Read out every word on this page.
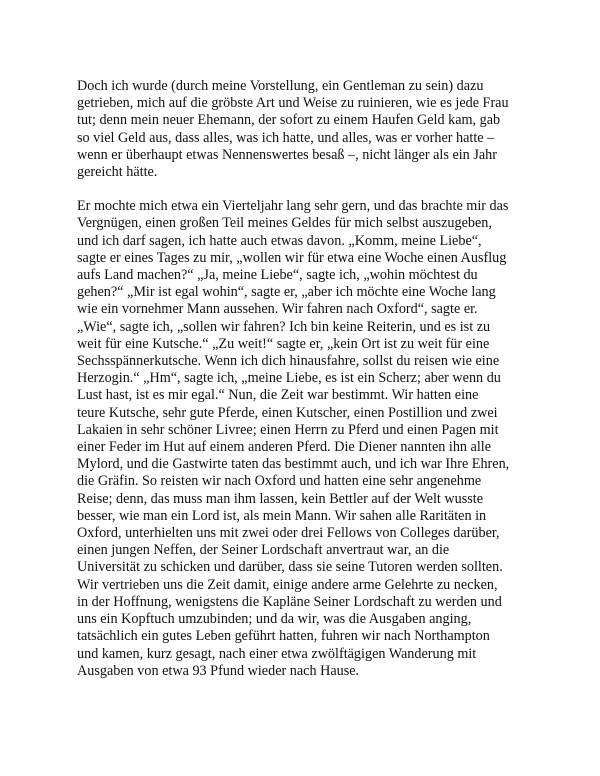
Doch ich wurde (durch meine Vorstellung, ein Gentleman zu sein) dazu
getrieben, mich auf die gröbste Art und Weise zu ruinieren, wie es jede Frau
tut; denn mein neuer Ehemann, der sofort zu einem Haufen Geld kam, gab
so viel Geld aus, dass alles, was ich hatte, und alles, was er vorher hatte –
wenn er überhaupt etwas Nennenswertes besaß –, nicht länger als ein Jahr
gereicht hätte.

Er mochte mich etwa ein Vierteljahr lang sehr gern, und das brachte mir das
Vergnügen, einen großen Teil meines Geldes für mich selbst auszugeben,
und ich darf sagen, ich hatte auch etwas davon. „Komm, meine Liebe“,
sagte er eines Tages zu mir, „wollen wir für etwa eine Woche einen Ausflug
aufs Land machen?“ „Ja, meine Liebe“, sagte ich, „wohin möchtest du
gehen?“ „Mir ist egal wohin“, sagte er, „aber ich möchte eine Woche lang
wie ein vornehmer Mann aussehen. Wir fahren nach Oxford“, sagte er.
„Wie“, sagte ich, „sollen wir fahren? Ich bin keine Reiterin, und es ist zu
weit für eine Kutsche.“ „Zu weit!“ sagte er, „kein Ort ist zu weit für eine
Sechsspännerkutsche. Wenn ich dich hinausfahre, sollst du reisen wie eine
Herzogin.“ „Hm“, sagte ich, „meine Liebe, es ist ein Scherz; aber wenn du
Lust hast, ist es mir egal.“ Nun, die Zeit war bestimmt. Wir hatten eine
teure Kutsche, sehr gute Pferde, einen Kutscher, einen Postillion und zwei
Lakaien in sehr schöner Livree; einen Herrn zu Pferd und einen Pagen mit
einer Feder im Hut auf einem anderen Pferd. Die Diener nannten ihn alle
Mylord, und die Gastwirte taten das bestimmt auch, und ich war Ihre Ehren,
die Gräfin. So reisten wir nach Oxford und hatten eine sehr angenehme
Reise; denn, das muss man ihm lassen, kein Bettler auf der Welt wusste
besser, wie man ein Lord ist, als mein Mann. Wir sahen alle Raritäten in
Oxford, unterhielten uns mit zwei oder drei Fellows von Colleges darüber,
einen jungen Neffen, der Seiner Lordschaft anvertraut war, an die
Universität zu schicken und darüber, dass sie seine Tutoren werden sollten.
Wir vertrieben uns die Zeit damit, einige andere arme Gelehrte zu necken,
in der Hoffnung, wenigstens die Kapläne Seiner Lordschaft zu werden und
uns ein Kopftuch umzubinden; und da wir, was die Ausgaben anging,
tatsächlich ein gutes Leben geführt hatten, fuhren wir nach Northampton
und kamen, kurz gesagt, nach einer etwa zwölftägigen Wanderung mit
Ausgaben von etwa 93 Pfund wieder nach Hause.
